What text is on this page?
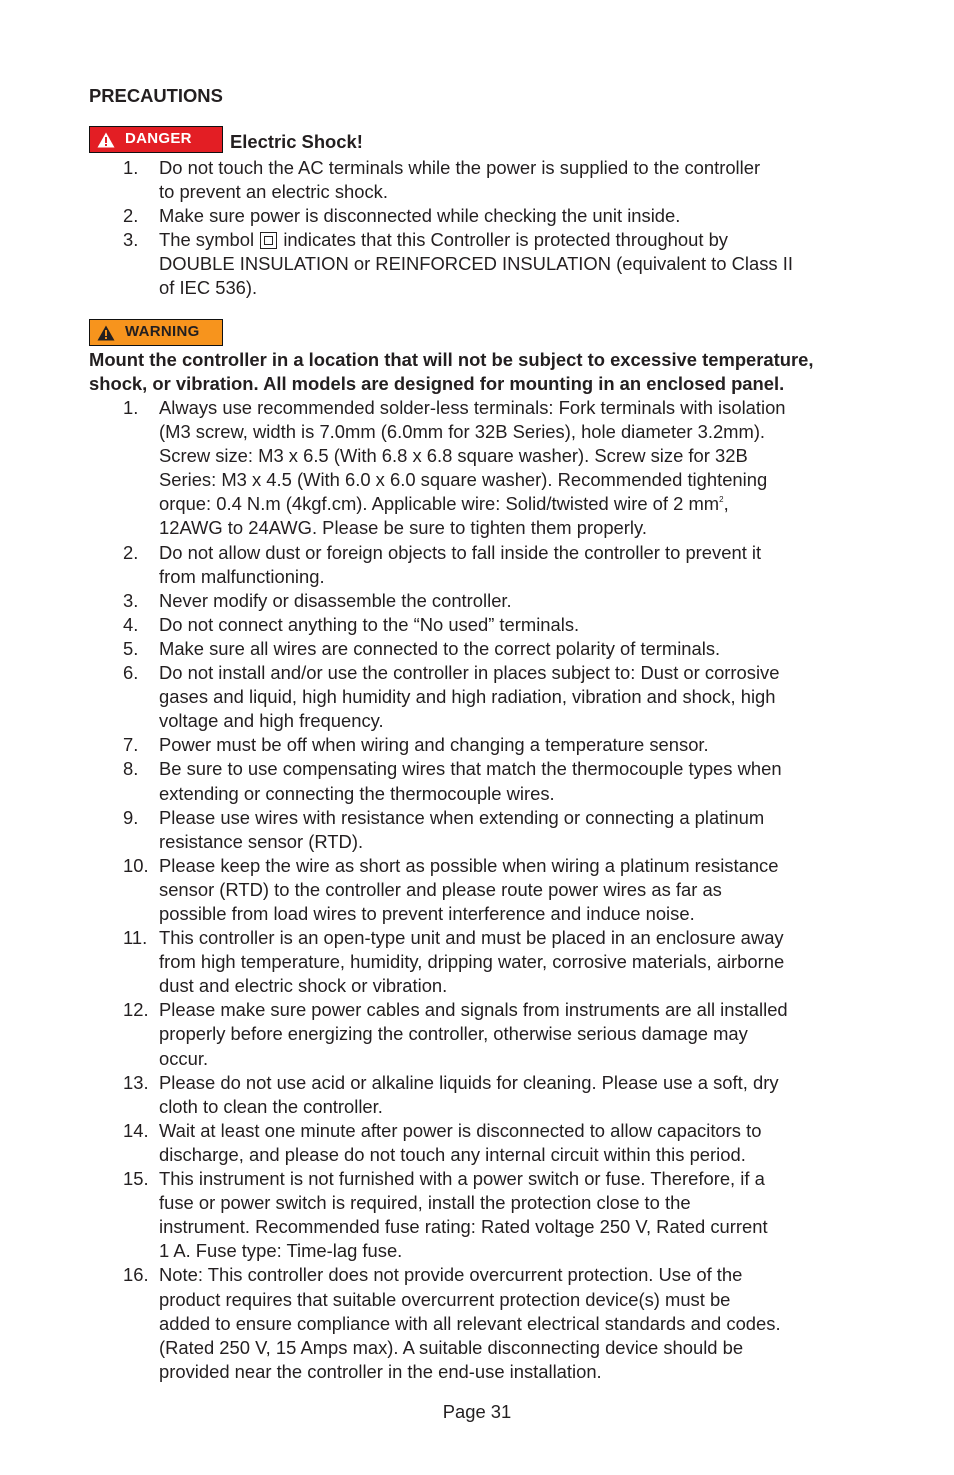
PRECAUTIONS
DANGER Electric Shock!
1. Do not touch the AC terminals while the power is supplied to the controller
to prevent an electric shock.
2. Make sure power is disconnected while checking the unit inside.
3. The symbol indicates that this Controller is protected throughout by
DOUBLE INSULATION or REINFORCED INSULATION (equivalent to Class II
of IEC 536).
WARNING

Mount the controller in a location that will not be subject to excessive temperature,
shock, or vibration. All models are designed for mounting in an enclosed panel.

1. Always use recommended solder-less terminals: Fork terminals with isolation
(M3 screw, width is 7.0mm (6.0mm for 32B Series), hole diameter 3.2mm).
Screw size: M3 x 6.5 (With 6.8 x 6.8 square washer). Screw size for 32B
Series: M3 x 4.5 (With 6.0 x 6.0 square washer). Recommended tightening
orque: 0.4 N.m (4kgf.cm). Applicable wire: Solid/twisted wire of 2 $mm^2$,
12AWG to 24AWG. Please be sure to tighten them properly.
2. Do not allow dust or foreign objects to fall inside the controller to prevent it
from malfunctioning.
3. Never modify or disassemble the controller.
4. Do not connect anything to the “No used” terminals.
5. Make sure all wires are connected to the correct polarity of terminals.
6. Do not install and/or use the controller in places subject to: Dust or corrosive
gases and liquid, high humidity and high radiation, vibration and shock, high
voltage and high frequency.
7. Power must be off when wiring and changing a temperature sensor.
8. Be sure to use compensating wires that match the thermocouple types when
extending or connecting the thermocouple wires.
9. Please use wires with resistance when extending or connecting a platinum
resistance sensor (RTD).
10. Please keep the wire as short as possible when wiring a platinum resistance
sensor (RTD) to the controller and please route power wires as far as
possible from load wires to prevent interference and induce noise.
11. This controller is an open-type unit and must be placed in an enclosure away
from high temperature, humidity, dripping water, corrosive materials, airborne
dust and electric shock or vibration.
12. Please make sure power cables and signals from instruments are all installed
properly before energizing the controller, otherwise serious damage may
occur.
13. Please do not use acid or alkaline liquids for cleaning. Please use a soft, dry
cloth to clean the controller.
14. Wait at least one minute after power is disconnected to allow capacitors to
discharge, and please do not touch any internal circuit within this period.
15. This instrument is not furnished with a power switch or fuse. Therefore, if a
fuse or power switch is required, install the protection close to the
instrument. Recommended fuse rating: Rated voltage 250 V, Rated current
1 A. Fuse type: Time-lag fuse.
16. Note: This controller does not provide overcurrent protection. Use of the
product requires that suitable overcurrent protection device(s) must be
added to ensure compliance with all relevant electrical standards and codes.
(Rated 250 V, 15 Amps max). A suitable disconnecting device should be
provided near the controller in the end-use installation.
Page 31
